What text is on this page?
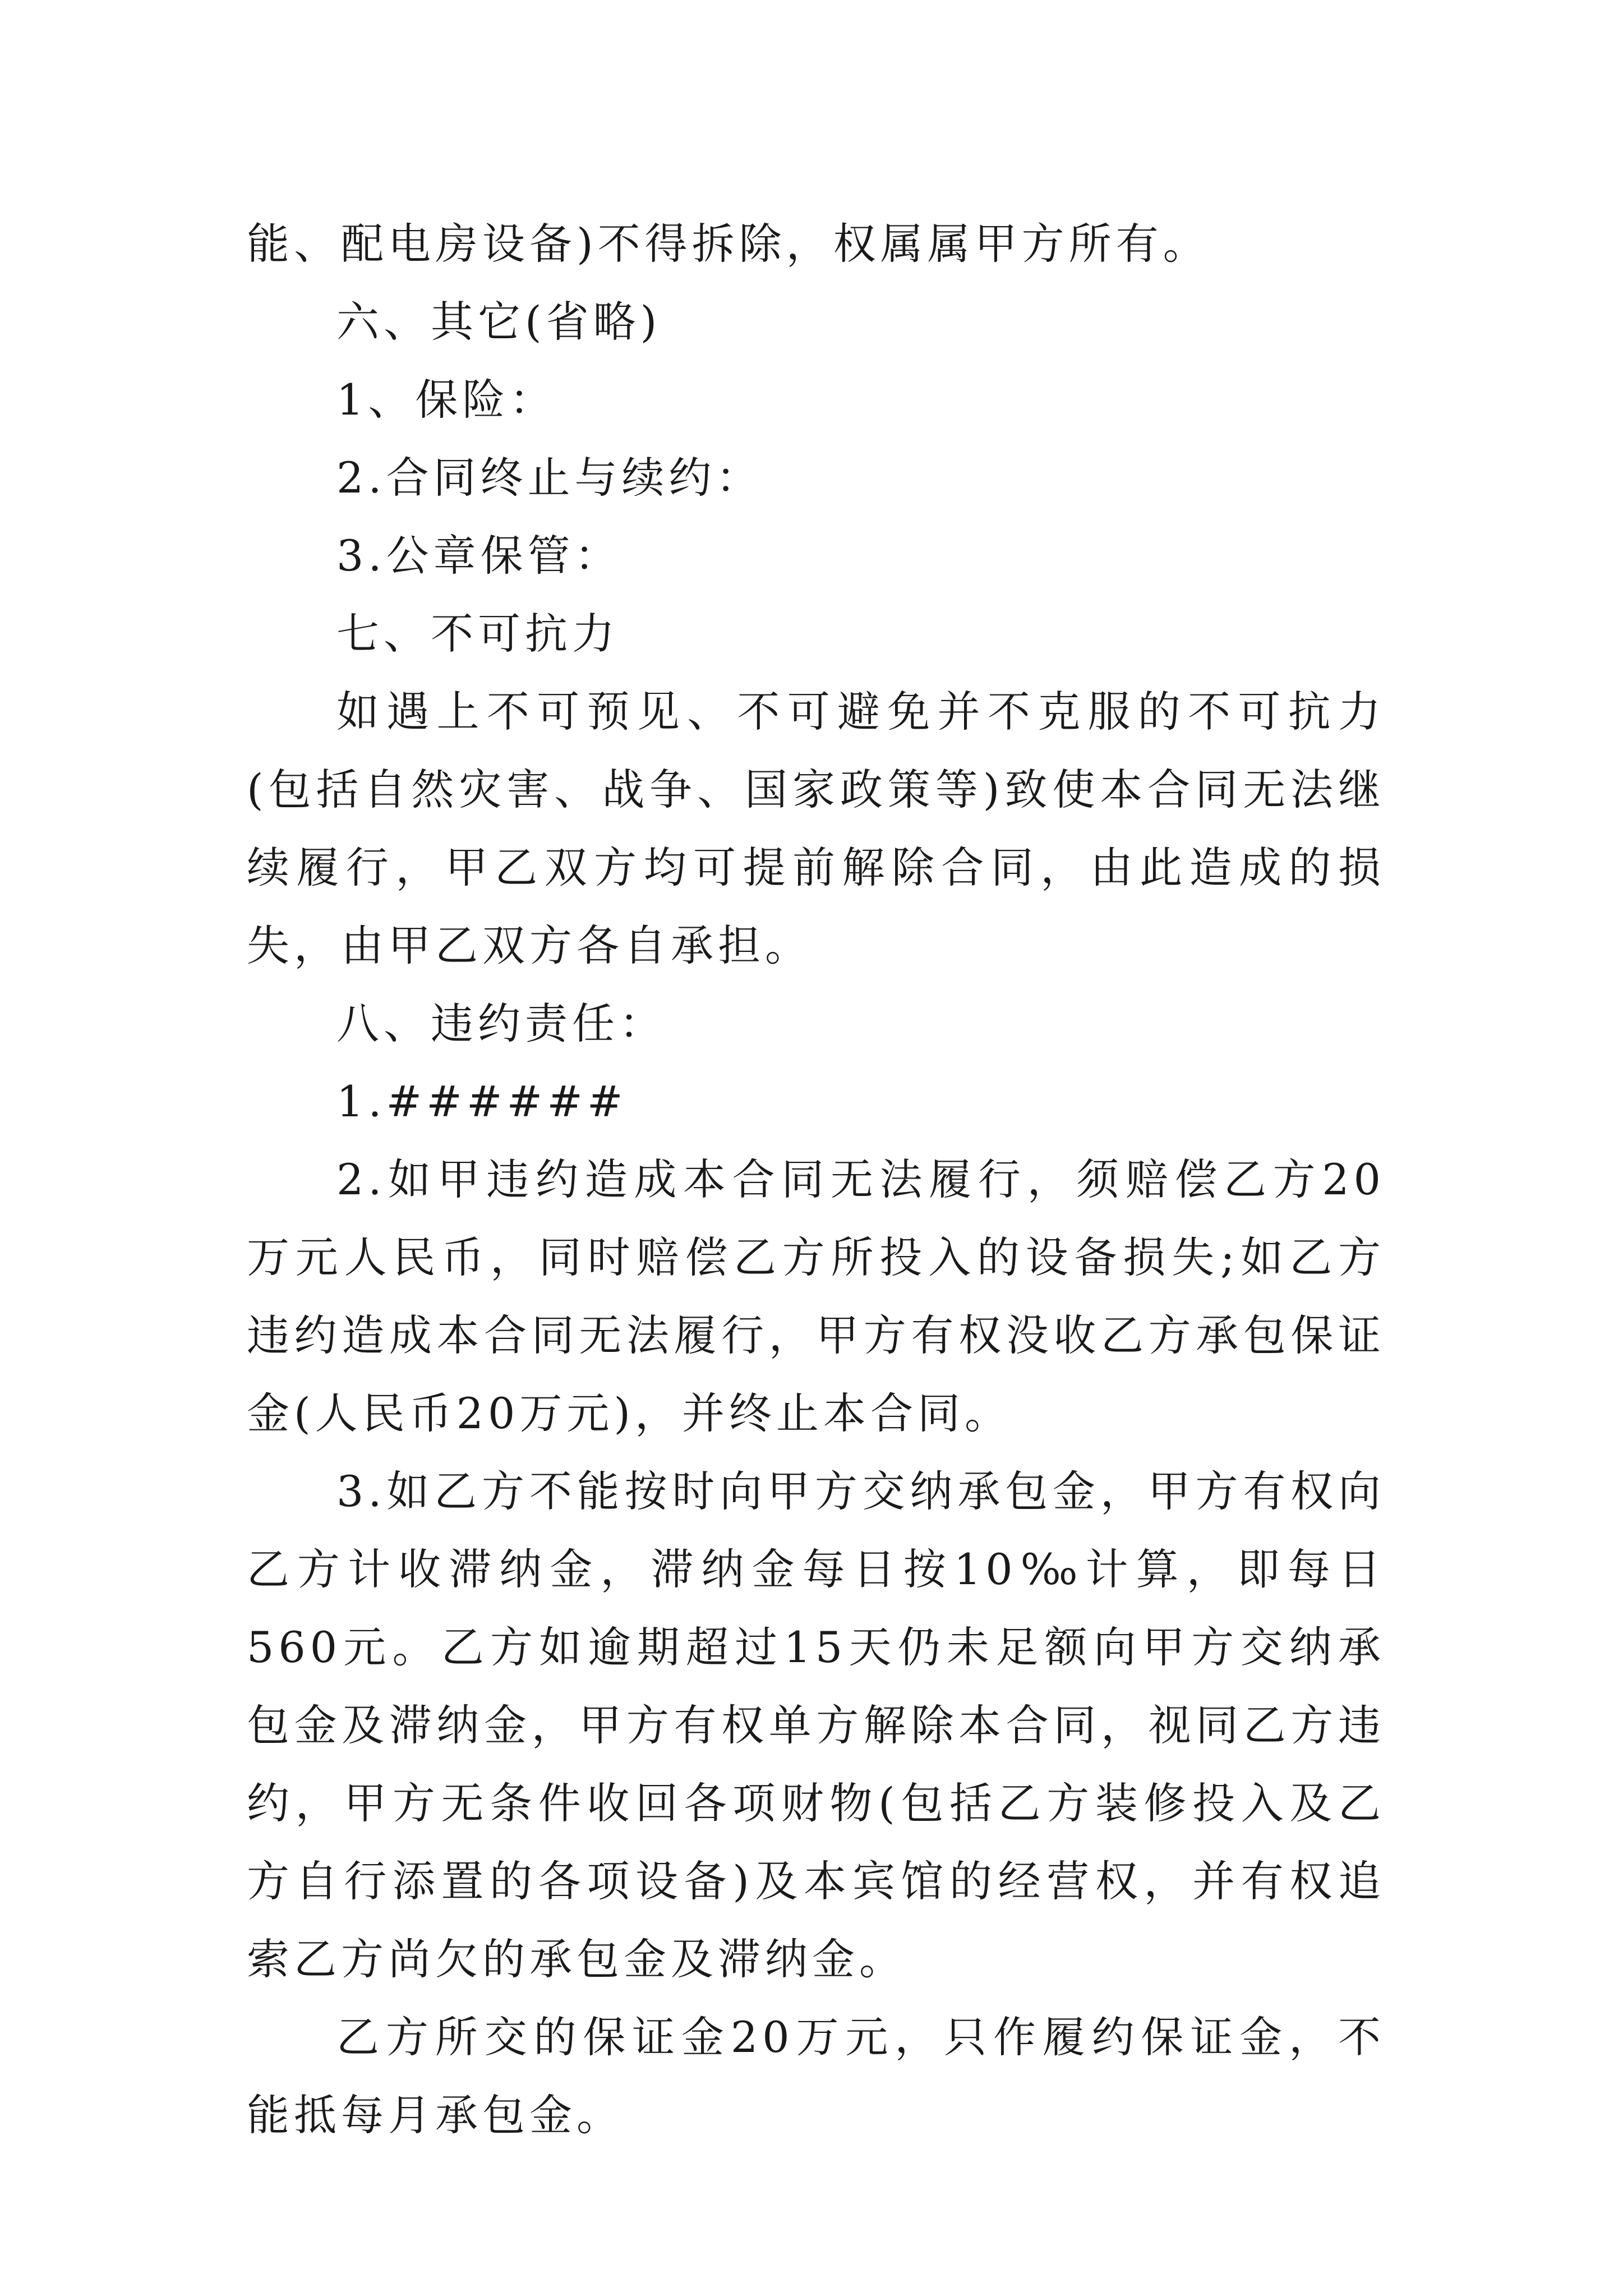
能、配电房设备)不得拆除，权属属甲方所有。

六、其它(省略)

1、保险：

2.合同终止与续约：

3.公章保管：

七、不可抗力

如遇上不可预见、不可避免并不克服的不可抗力(包括自然灾害、战争、国家政策等)致使本合同无法继续履行，甲乙双方均可提前解除合同，由此造成的损失，由甲乙双方各自承担。

八、违约责任：

1.######

2.如甲违约造成本合同无法履行，须赔偿乙方20万元人民币，同时赔偿乙方所投入的设备损失;如乙方违约造成本合同无法履行，甲方有权没收乙方承包保证金(人民币20万元)，并终止本合同。

3.如乙方不能按时向甲方交纳承包金，甲方有权向乙方计收滞纳金，滞纳金每日按10‰计算，即每日560元。乙方如逾期超过15天仍未足额向甲方交纳承包金及滞纳金，甲方有权单方解除本合同，视同乙方违约，甲方无条件收回各项财物(包括乙方装修投入及乙方自行添置的各项设备)及本宾馆的经营权，并有权追索乙方尚欠的承包金及滞纳金。

乙方所交的保证金20万元，只作履约保证金，不能抵每月承包金。
